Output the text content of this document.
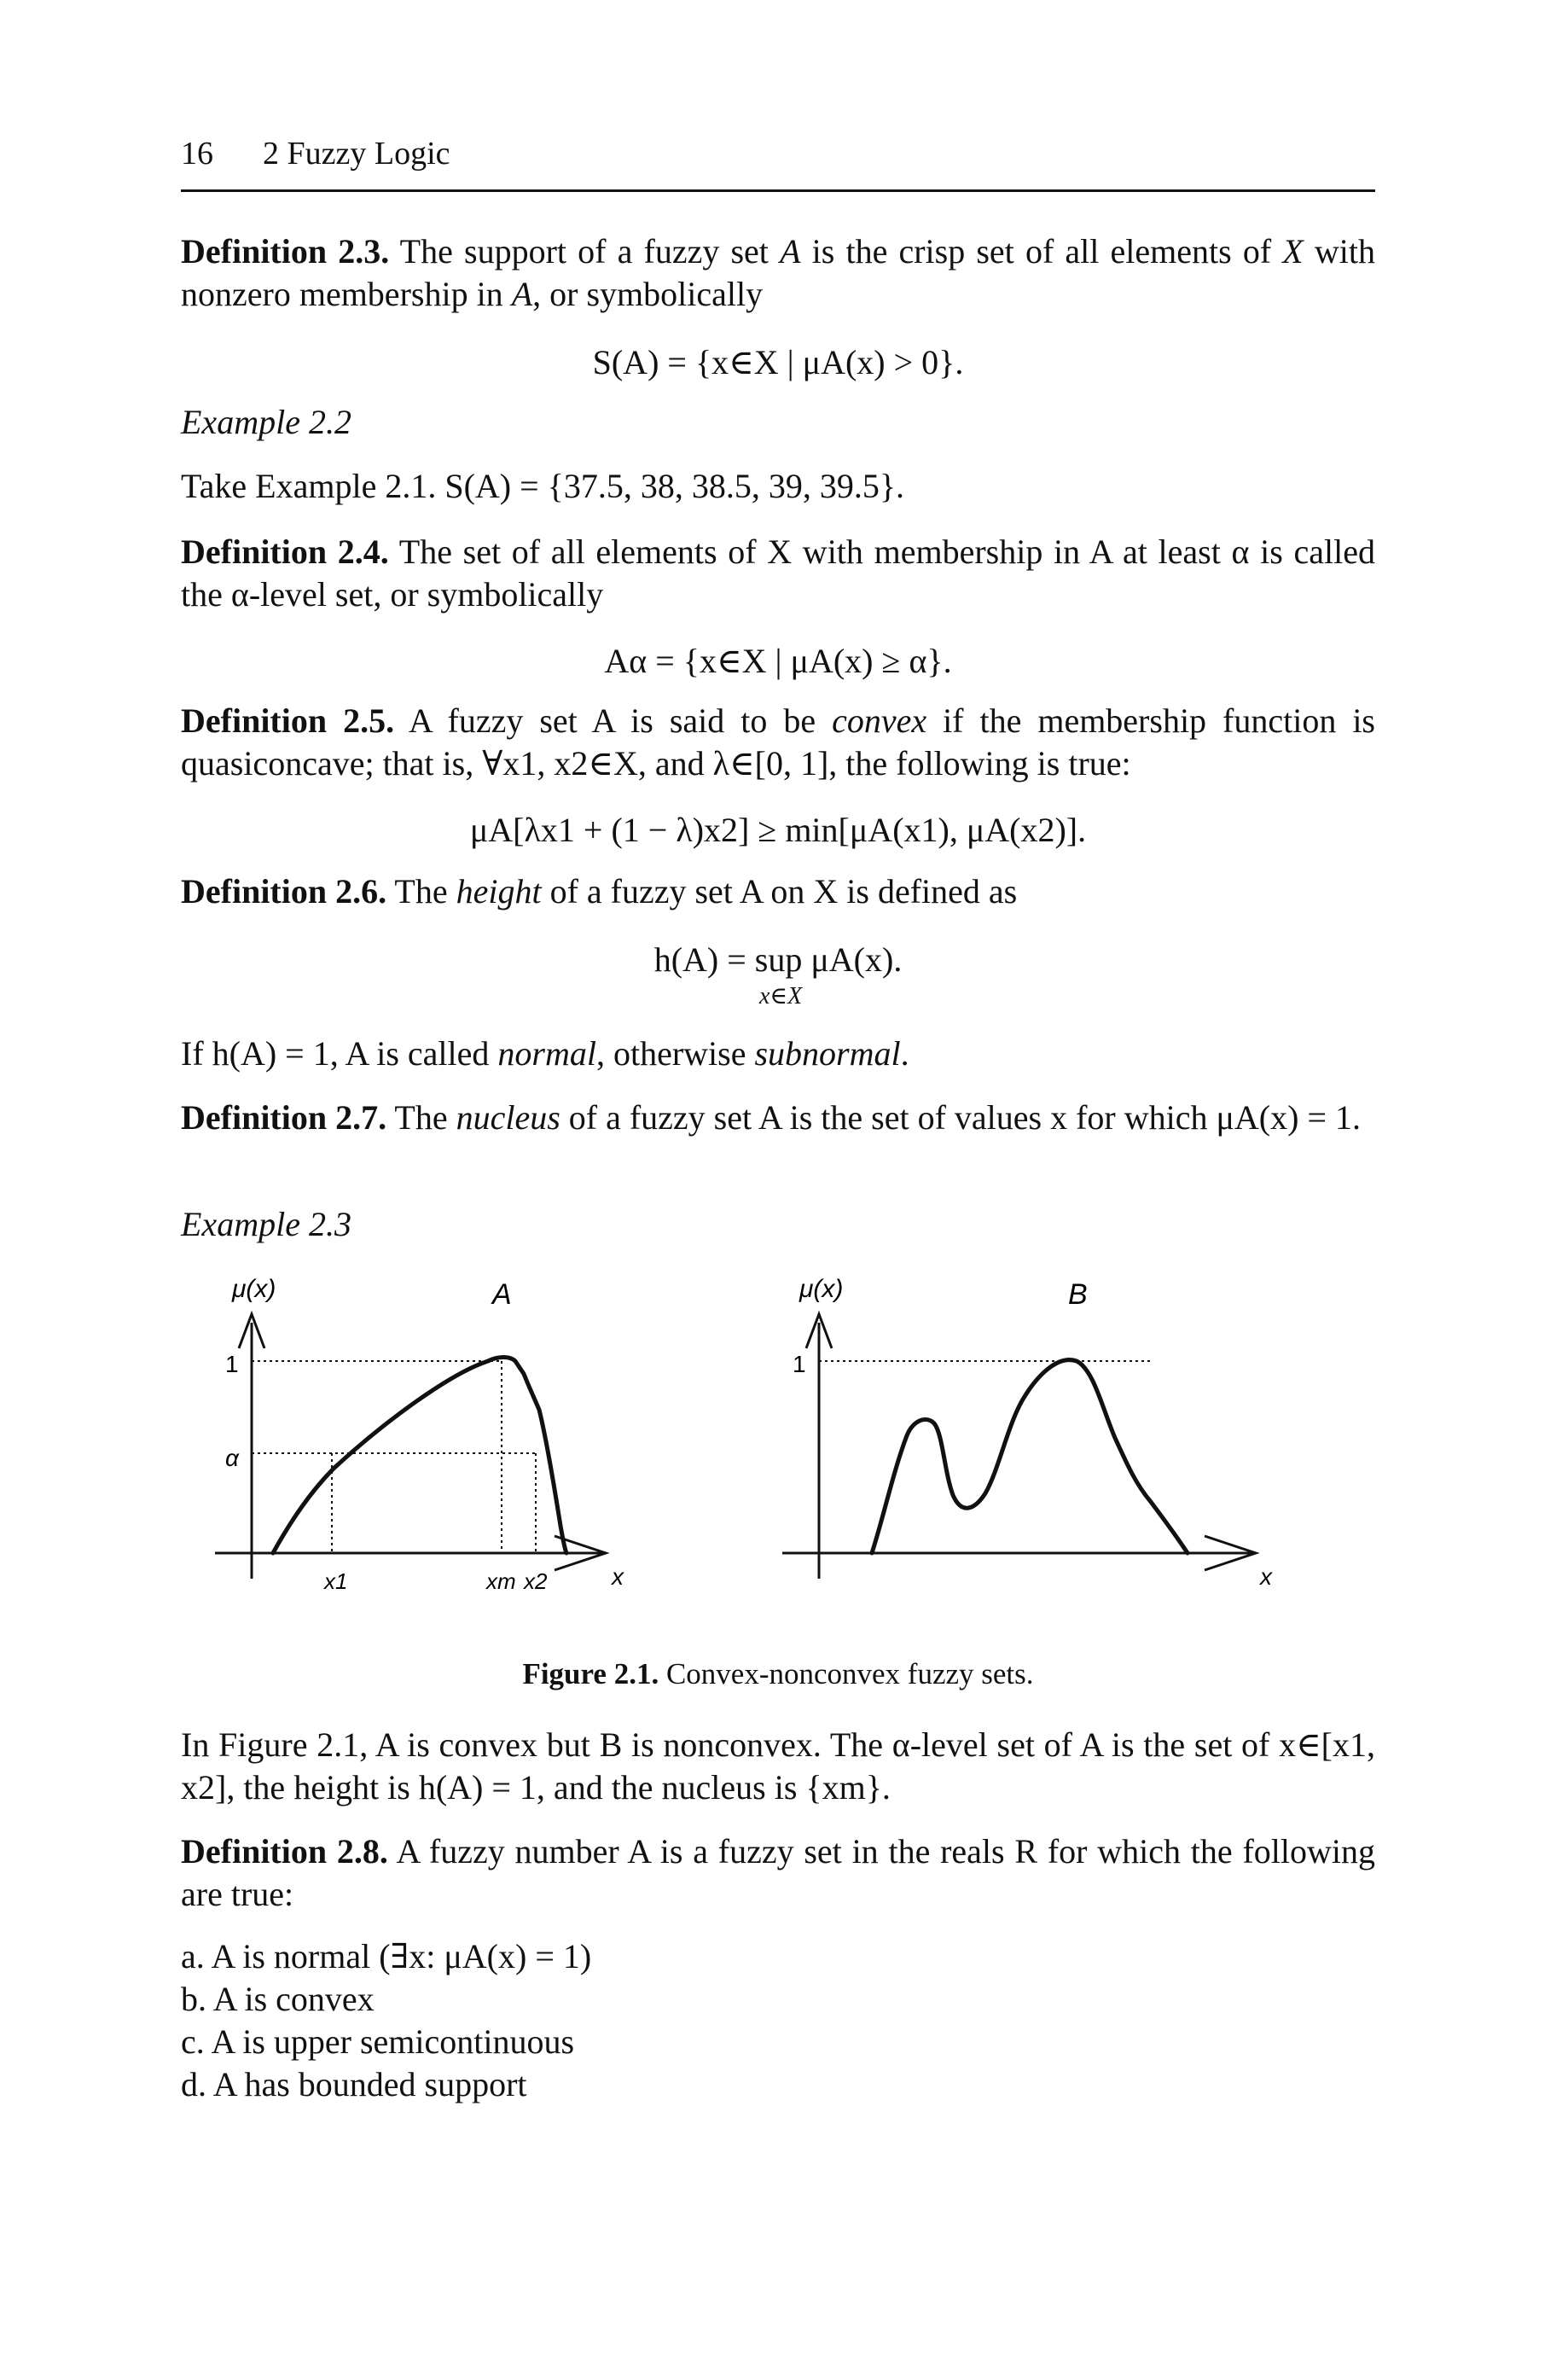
16 2 Fuzzy Logic
Definition 2.3. The support of a fuzzy set A is the crisp set of all elements of X with nonzero membership in A, or symbolically
S(A) = {x∈X | μA(x) > 0}.
Example 2.2
Take Example 2.1. S(A) = {37.5, 38, 38.5, 39, 39.5}.
Definition 2.4. The set of all elements of X with membership in A at least α is called the α-level set, or symbolically
Aα = {x∈X | μA(x) ≥ α}.
Definition 2.5. A fuzzy set A is said to be convex if the membership function is quasiconcave; that is, ∀x1, x2∈X, and λ∈[0, 1], the following is true:
μA[λx1 + (1 − λ)x2] ≥ min[μA(x1), μA(x2)].
Definition 2.6. The height of a fuzzy set A on X is defined as
h(A) = sup μA(x).
x∈X
If h(A) = 1, A is called normal, otherwise subnormal.
Definition 2.7. The nucleus of a fuzzy set A is the set of values x for which μA(x) = 1.
Example 2.3
μ(x)	A
1
α
x1	xm x2	x
μ(x)	B
1
x
Figure 2.1. Convex-nonconvex fuzzy sets.
In Figure 2.1, A is convex but B is nonconvex. The α-level set of A is the set of x∈[x1, x2], the height is h(A) = 1, and the nucleus is {xm}.
Definition 2.8. A fuzzy number A is a fuzzy set in the reals R for which the following are true:
a. A is normal (∃x: μA(x) = 1)
b. A is convex
c. A is upper semicontinuous
d. A has bounded support
